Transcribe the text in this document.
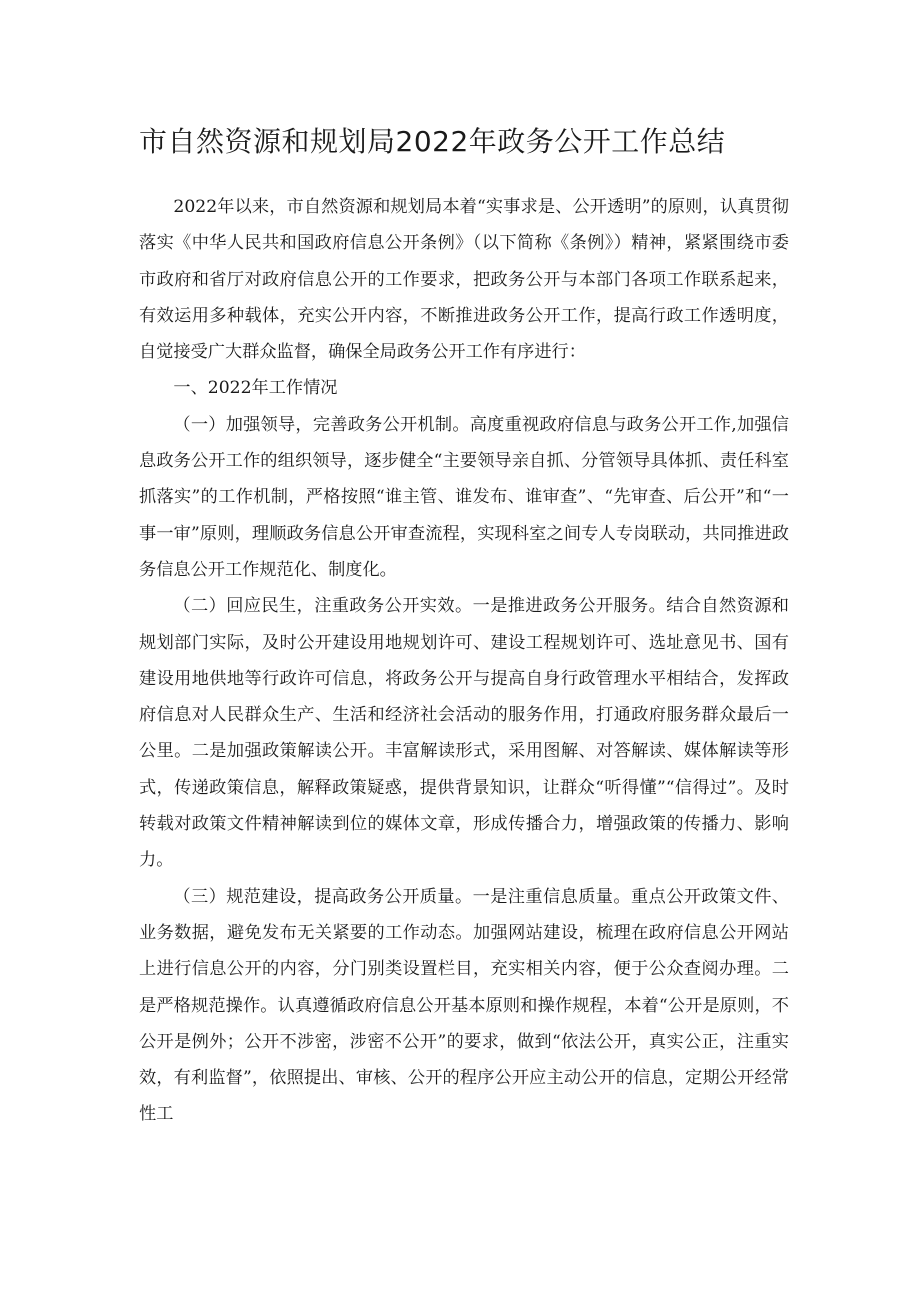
市自然资源和规划局2022年政务公开工作总结

2022年以来，市自然资源和规划局本着“实事求是、公开透明”的原则，认真贯彻落实《中华人民共和国政府信息公开条例》（以下简称《条例》）精神，紧紧围绕市委市政府和省厅对政府信息公开的工作要求，把政务公开与本部门各项工作联系起来，有效运用多种载体，充实公开内容，不断推进政务公开工作，提高行政工作透明度，自觉接受广大群众监督，确保全局政务公开工作有序进行：

一、2022年工作情况

（一）加强领导，完善政务公开机制。高度重视政府信息与政务公开工作,加强信息政务公开工作的组织领导，逐步健全“主要领导亲自抓、分管领导具体抓、责任科室抓落实”的工作机制，严格按照“谁主管、谁发布、谁审查”、“先审查、后公开”和“一事一审”原则，理顺政务信息公开审查流程，实现科室之间专人专岗联动，共同推进政务信息公开工作规范化、制度化。

（二）回应民生，注重政务公开实效。一是推进政务公开服务。结合自然资源和规划部门实际，及时公开建设用地规划许可、建设工程规划许可、选址意见书、国有建设用地供地等行政许可信息，将政务公开与提高自身行政管理水平相结合，发挥政府信息对人民群众生产、生活和经济社会活动的服务作用，打通政府服务群众最后一公里。二是加强政策解读公开。丰富解读形式，采用图解、对答解读、媒体解读等形式，传递政策信息，解释政策疑惑，提供背景知识，让群众“听得懂”“信得过”。及时转载对政策文件精神解读到位的媒体文章，形成传播合力，增强政策的传播力、影响力。

（三）规范建设，提高政务公开质量。一是注重信息质量。重点公开政策文件、业务数据，避免发布无关紧要的工作动态。加强网站建设，梳理在政府信息公开网站上进行信息公开的内容，分门别类设置栏目，充实相关内容，便于公众查阅办理。二是严格规范操作。认真遵循政府信息公开基本原则和操作规程，本着“公开是原则，不公开是例外；公开不涉密，涉密不公开”的要求，做到“依法公开，真实公正，注重实效，有利监督”，依照提出、审核、公开的程序公开应主动公开的信息，定期公开经常性工
